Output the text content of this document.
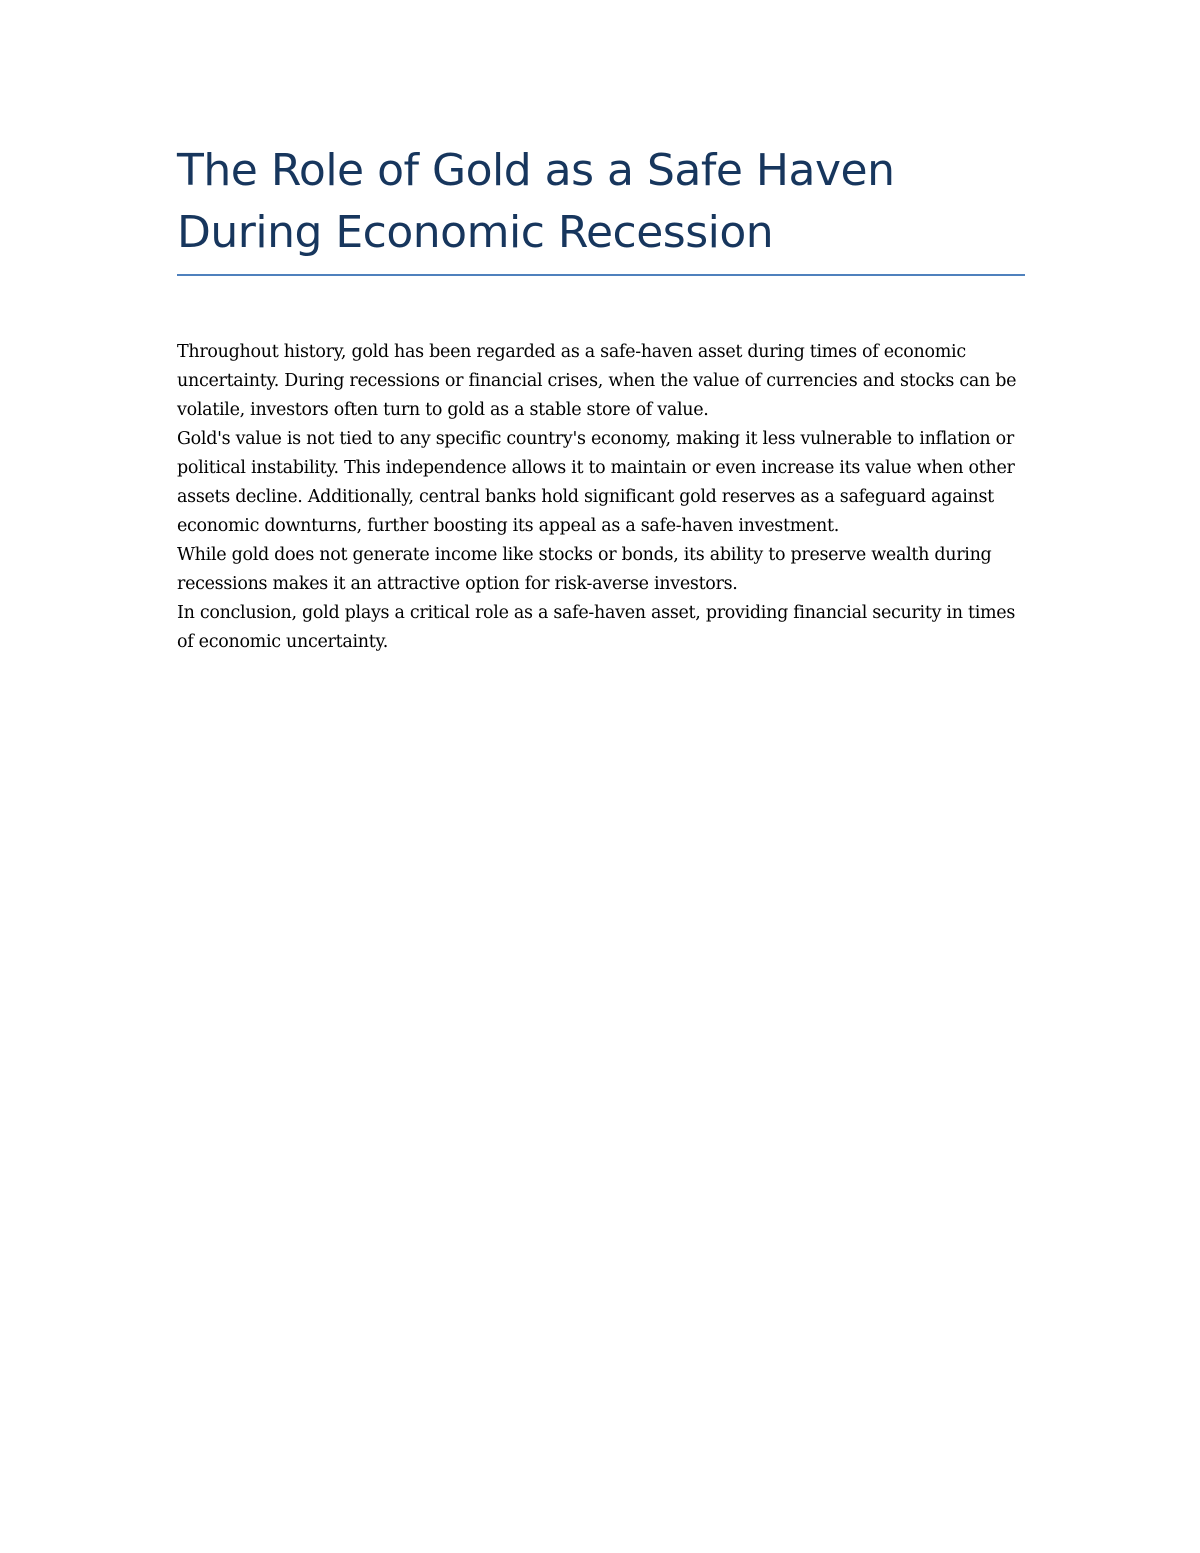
The Role of Gold as a Safe Haven During Economic Recession

Throughout history, gold has been regarded as a safe-haven asset during times of economic uncertainty. During recessions or financial crises, when the value of currencies and stocks can be volatile, investors often turn to gold as a stable store of value.

Gold's value is not tied to any specific country's economy, making it less vulnerable to inflation or political instability. This independence allows it to maintain or even increase its value when other assets decline. Additionally, central banks hold significant gold reserves as a safeguard against economic downturns, further boosting its appeal as a safe-haven investment.

While gold does not generate income like stocks or bonds, its ability to preserve wealth during recessions makes it an attractive option for risk-averse investors.

In conclusion, gold plays a critical role as a safe-haven asset, providing financial security in times of economic uncertainty.
